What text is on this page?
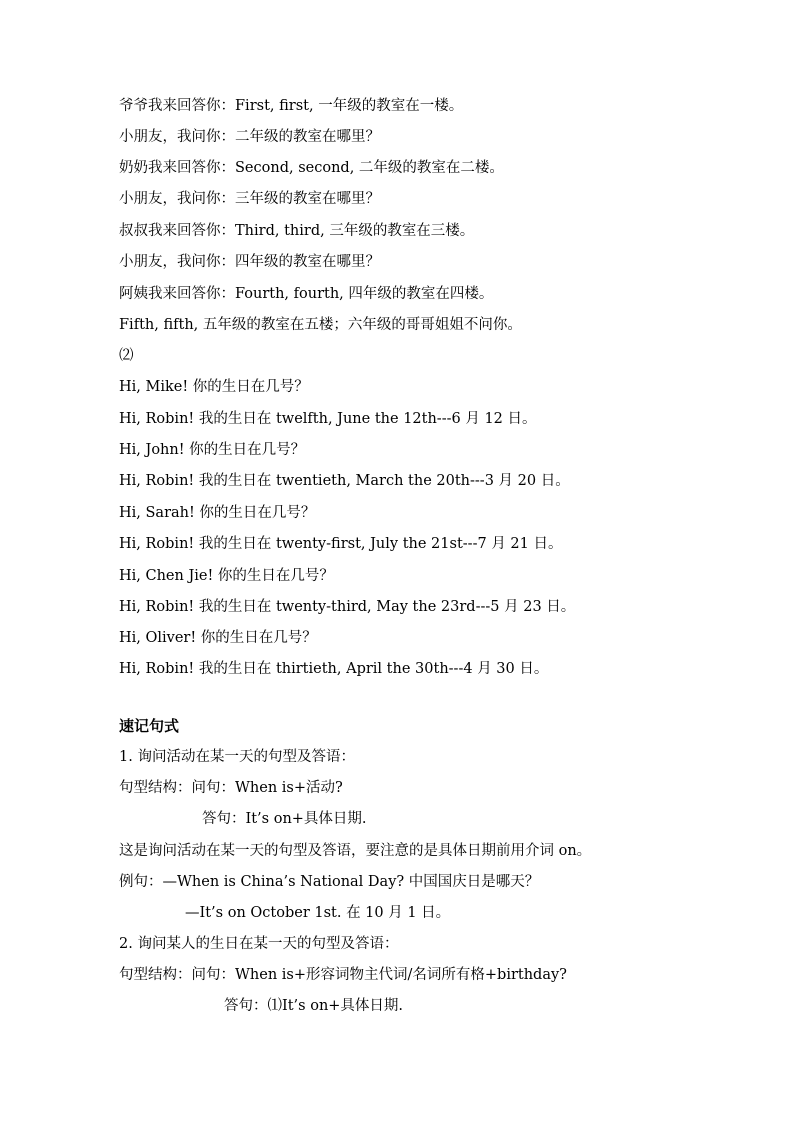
爷爷我来回答你：First, first, 一年级的教室在一楼。
小朋友，我问你：二年级的教室在哪里？
奶奶我来回答你：Second, second, 二年级的教室在二楼。
小朋友，我问你：三年级的教室在哪里？
叔叔我来回答你：Third, third, 三年级的教室在三楼。
小朋友，我问你：四年级的教室在哪里？
阿姨我来回答你：Fourth, fourth, 四年级的教室在四楼。
Fifth, fifth, 五年级的教室在五楼；六年级的哥哥姐姐不问你。
⑵
Hi, Mike! 你的生日在几号？
Hi, Robin! 我的生日在 twelfth, June the 12th---6 月 12 日。
Hi, John! 你的生日在几号？
Hi, Robin! 我的生日在 twentieth, March the 20th---3 月 20 日。
Hi, Sarah! 你的生日在几号？
Hi, Robin! 我的生日在 twenty-first, July the 21st---7 月 21 日。
Hi, Chen Jie! 你的生日在几号？
Hi, Robin! 我的生日在 twenty-third, May the 23rd---5 月 23 日。
Hi, Oliver! 你的生日在几号？
Hi, Robin! 我的生日在 thirtieth, April the 30th---4 月 30 日。
速记句式
1. 询问活动在某一天的句型及答语：
句型结构：问句：When is+活动?
答句：It’s on+具体日期.
这是询问活动在某一天的句型及答语，要注意的是具体日期前用介词 on。
例句：—When is China’s National Day? 中国国庆日是哪天？
—It’s on October 1st. 在 10 月 1 日。
2. 询问某人的生日在某一天的句型及答语：
句型结构：问句：When is+形容词物主代词/名词所有格+birthday?
答句：⑴It’s on+具体日期.
